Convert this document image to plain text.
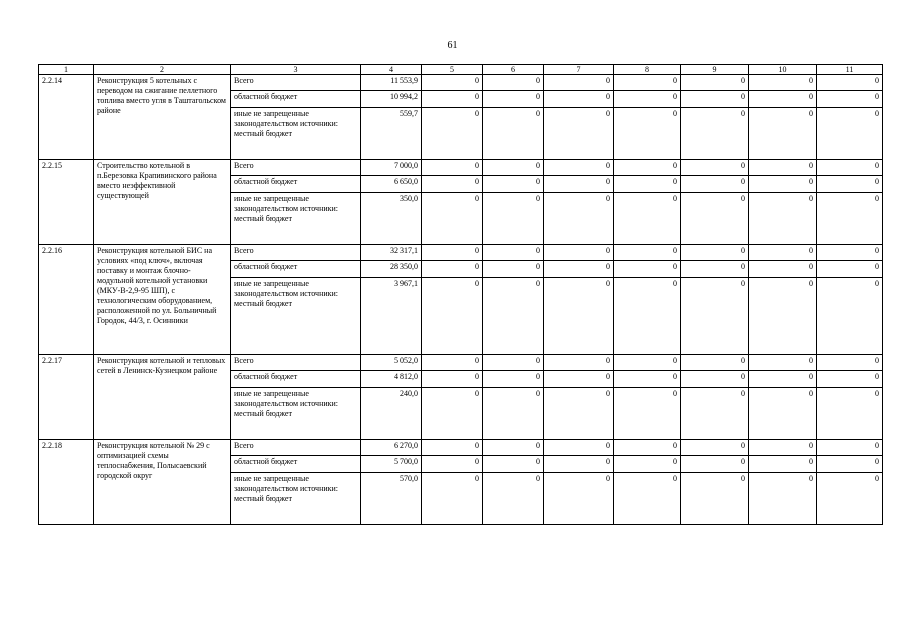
61
1	2	3	4	5	6	7	8	9	10	11
2.2.14	Реконструкция 5 котельных с переводом на сжигание пеллетного топлива вместо угля в Таштагольском районе	Всего	11 553,9	0	0	0	0	0	0	0
		областной бюджет	10 994,2	0	0	0	0	0	0	0
		иные не запрещенные законодательством источники: местный бюджет	559,7	0	0	0	0	0	0	0
2.2.15	Строительство котельной в п.Березовка Крапивинского района вместо неэффективной существующей	Всего	7 000,0	0	0	0	0	0	0	0
		областной бюджет	6 650,0	0	0	0	0	0	0	0
		иные не запрещенные законодательством источники: местный бюджет	350,0	0	0	0	0	0	0	0
2.2.16	Реконструкция котельной БИС на условиях «под ключ», включая поставку и монтаж блочно-модульной котельной установки (МКУ-В-2,9-95 ШП), с технологическим оборудованием, расположенной по ул. Больничный Городок, 44/3, г. Осинники	Всего	32 317,1	0	0	0	0	0	0	0
		областной бюджет	28 350,0	0	0	0	0	0	0	0
		иные не запрещенные законодательством источники: местный бюджет	3 967,1	0	0	0	0	0	0	0
2.2.17	Реконструкция котельной и тепловых сетей в Ленинск-Кузнецком районе	Всего	5 052,0	0	0	0	0	0	0	0
		областной бюджет	4 812,0	0	0	0	0	0	0	0
		иные не запрещенные законодательством источники: местный бюджет	240,0	0	0	0	0	0	0	0
2.2.18	Реконструкция котельной № 29 с оптимизацией схемы теплоснабжения, Полысаевский городской округ	Всего	6 270,0	0	0	0	0	0	0	0
		областной бюджет	5 700,0	0	0	0	0	0	0	0
		иные не запрещенные законодательством источники: местный бюджет	570,0	0	0	0	0	0	0	0
